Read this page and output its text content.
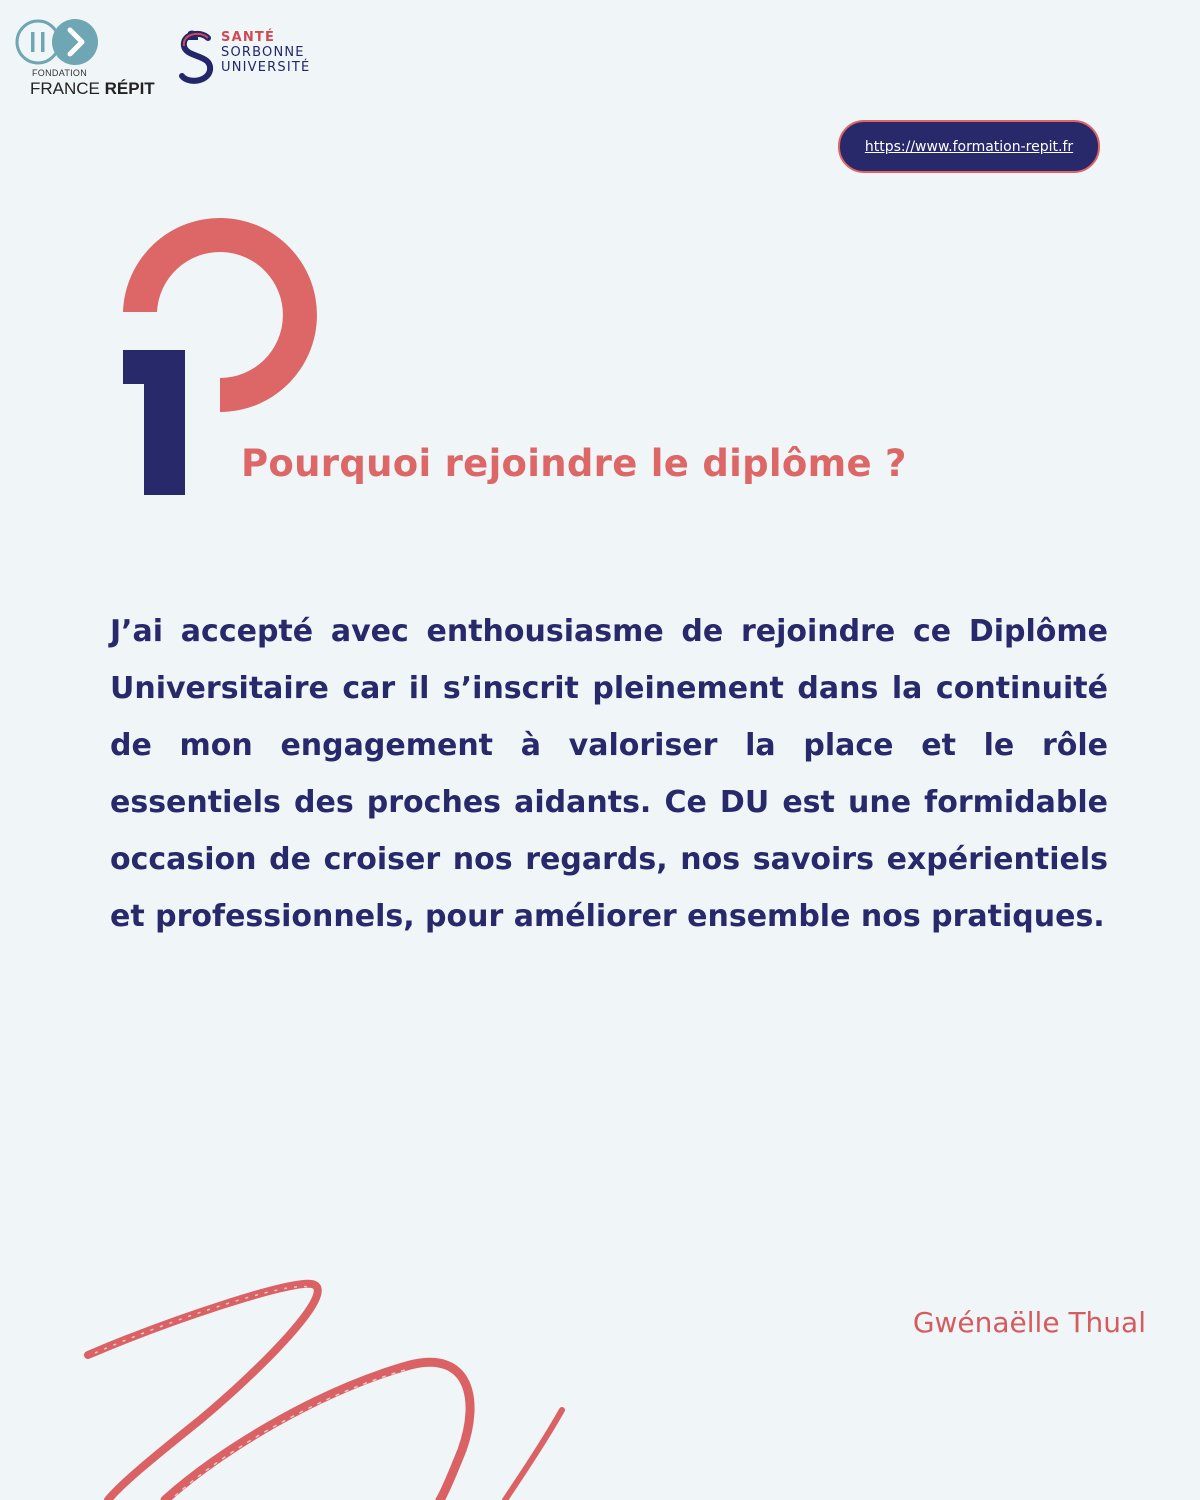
FONDATION
FRANCE RÉPIT
SANTÉ
SORBONNE
UNIVERSITÉ
https://www.formation-repit.fr
Pourquoi rejoindre le diplôme ?

J’ai accepté avec enthousiasme de rejoindre ce Diplôme Universitaire car il s’inscrit pleinement dans la continuité de mon engagement à valoriser la place et le rôle essentiels des proches aidants. Ce DU est une formidable occasion de croiser nos regards, nos savoirs expérientiels et professionnels, pour améliorer ensemble nos pratiques.

Gwénaëlle Thual
